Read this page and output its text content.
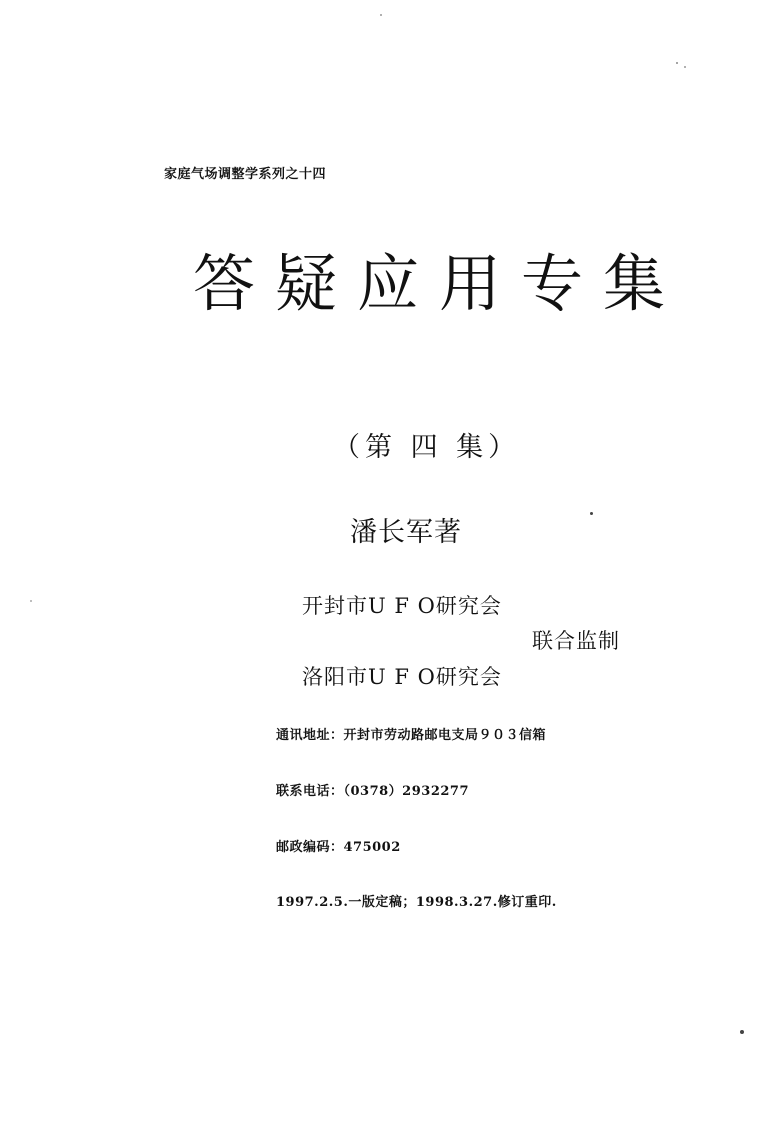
家庭气场调整学系列之十四
答疑应用专集
（第 四 集）
潘长军著
开封市U F O研究会
联合监制
洛阳市U F O研究会
通讯地址：开封市劳动路邮电支局９０３信箱
联系电话：（0378）2932277
邮政编码：475002
1997.2.5.一版定稿；1998.3.27.修订重印.
